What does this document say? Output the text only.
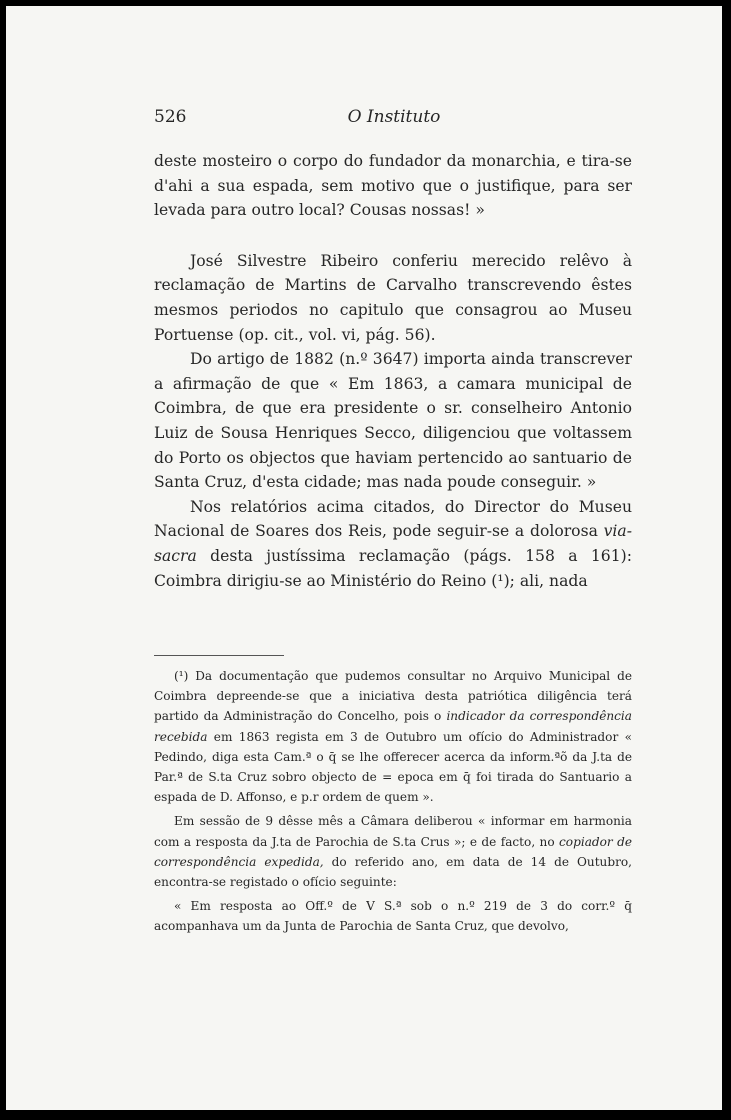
526	O Instituto

deste mosteiro o corpo do fundador da monarchia, e tira-se d'ahi a sua espada, sem motivo que o justifique, para ser levada para outro local? Cousas nossas! »

José Silvestre Ribeiro conferiu merecido relêvo à reclamação de Martins de Carvalho transcrevendo êstes mesmos periodos no capitulo que consagrou ao Museu Portuense (op. cit., vol. vi, pág. 56).

Do artigo de 1882 (n.º 3647) importa ainda transcrever a afirmação de que « Em 1863, a camara municipal de Coimbra, de que era presidente o sr. conselheiro Antonio Luiz de Sousa Henriques Secco, diligenciou que voltassem do Porto os objectos que haviam pertencido ao santuario de Santa Cruz, d'esta cidade; mas nada poude conseguir. »

Nos relatórios acima citados, do Director do Museu Nacional de Soares dos Reis, pode seguir-se a dolorosa via-sacra desta justíssima reclamação (págs. 158 a 161): Coimbra dirigiu-se ao Ministério do Reino (¹); ali, nada

(¹) Da documentação que pudemos consultar no Arquivo Municipal de Coimbra depreende-se que a iniciativa desta patriótica diligência terá partido da Administração do Concelho, pois o indicador da correspondência recebida em 1863 regista em 3 de Outubro um ofício do Administrador « Pedindo, diga esta Cam.ª o q̄ se lhe offerecer acerca da inform.ªõ da J.ta de Par.ª de S.ta Cruz sobro objecto de = epoca em q̄ foi tirada do Santuario a espada de D. Affonso, e p.r ordem de quem ».

Em sessão de 9 dêsse mês a Câmara deliberou « informar em harmonia com a resposta da J.ta de Parochia de S.ta Crus »; e de facto, no copiador de correspondência expedida, do referido ano, em data de 14 de Outubro, encontra-se registado o ofício seguinte:

« Em resposta ao Off.º de V S.ª sob o n.º 219 de 3 do corr.º q̄ acompanhava um da Junta de Parochia de Santa Cruz, que devolvo,
